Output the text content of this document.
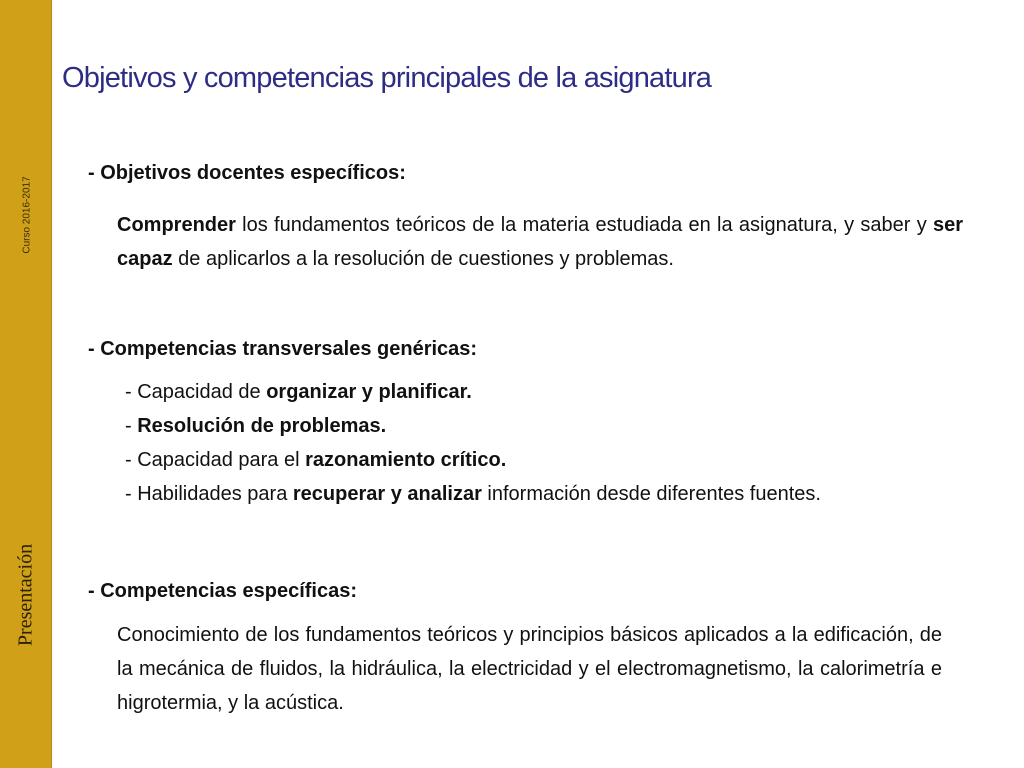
Curso 2016-2017
Presentación
Objetivos y competencias principales de la asignatura
- Objetivos docentes específicos:

Comprender los fundamentos teóricos de la materia estudiada en la asignatura, y saber y ser capaz de aplicarlos a la resolución de cuestiones y problemas.

- Competencias transversales genéricas:
- Capacidad de organizar y planificar.
- Resolución de problemas.
- Capacidad para el razonamiento crítico.
- Habilidades para recuperar y analizar información desde diferentes fuentes.
- Competencias específicas:

Conocimiento de los fundamentos teóricos y principios básicos aplicados a la edificación, de la mecánica de fluidos, la hidráulica, la electricidad y el electromagnetismo, la calorimetría e higrotermia, y la acústica.
